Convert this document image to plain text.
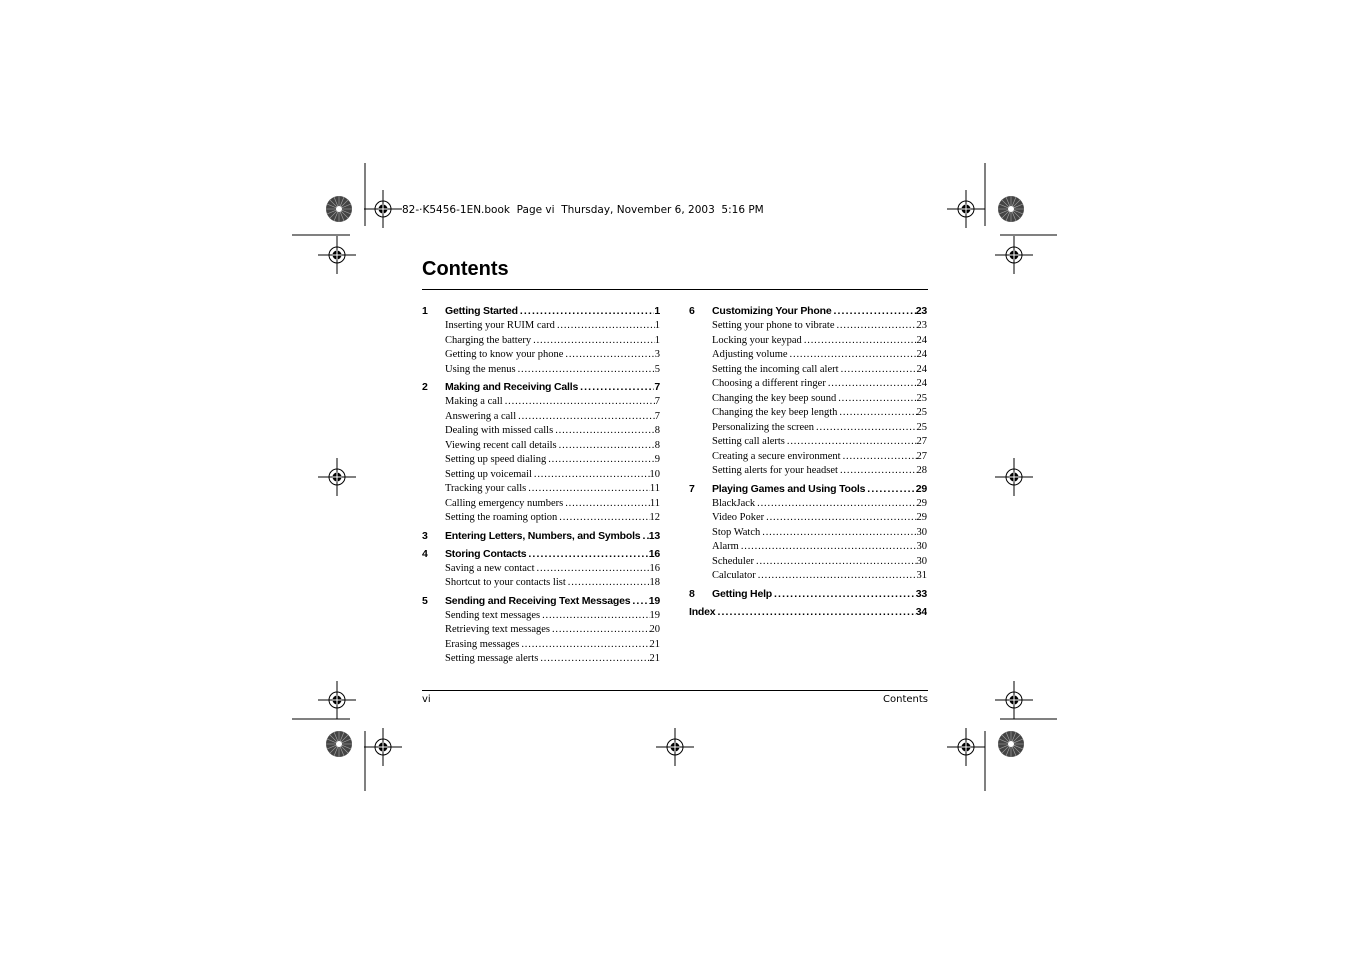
82-·K5456-1EN.book  Page vi  Thursday, November 6, 2003  5:16 PM
Contents
1	Getting Started . . .	1
Inserting your RUIM card . . .	1
Charging the battery . . .	1
Getting to know your phone . . .	3
Using the menus . . .	5
2	Making and Receiving Calls . . .	7
Making a call . . .	7
Answering a call . . .	7
Dealing with missed calls . . .	8
Viewing recent call details . . .	8
Setting up speed dialing . . .	9
Setting up voicemail . . .	10
Tracking your calls . . .	11
Calling emergency numbers . . .	11
Setting the roaming option . . .	12
3	Entering Letters, Numbers, and Symbols . . . 13
4	Storing Contacts . . .	16
Saving a new contact . . .	16
Shortcut to your contacts list . . .	18
5	Sending and Receiving Text Messages . . . 19
Sending text messages . . .	19
Retrieving text messages . . .	20
Erasing messages . . .	21
Setting message alerts . . .	21
6	Customizing Your Phone . . .	23
Setting your phone to vibrate . . .	23
Locking your keypad . . .	24
Adjusting volume . . .	24
Setting the incoming call alert . . .	24
Choosing a different ringer . . .	24
Changing the key beep sound . . .	25
Changing the key beep length . . .	25
Personalizing the screen . . .	25
Setting call alerts . . .	27
Creating a secure environment . . .	27
Setting alerts for your headset . . .	28
7	Playing Games and Using Tools . . .	29
BlackJack . . .	29
Video Poker . . .	29
Stop Watch . . .	30
Alarm . . .	30
Scheduler . . .	30
Calculator . . .	31
8	Getting Help . . .	33
Index . . .	34
vi	Contents
